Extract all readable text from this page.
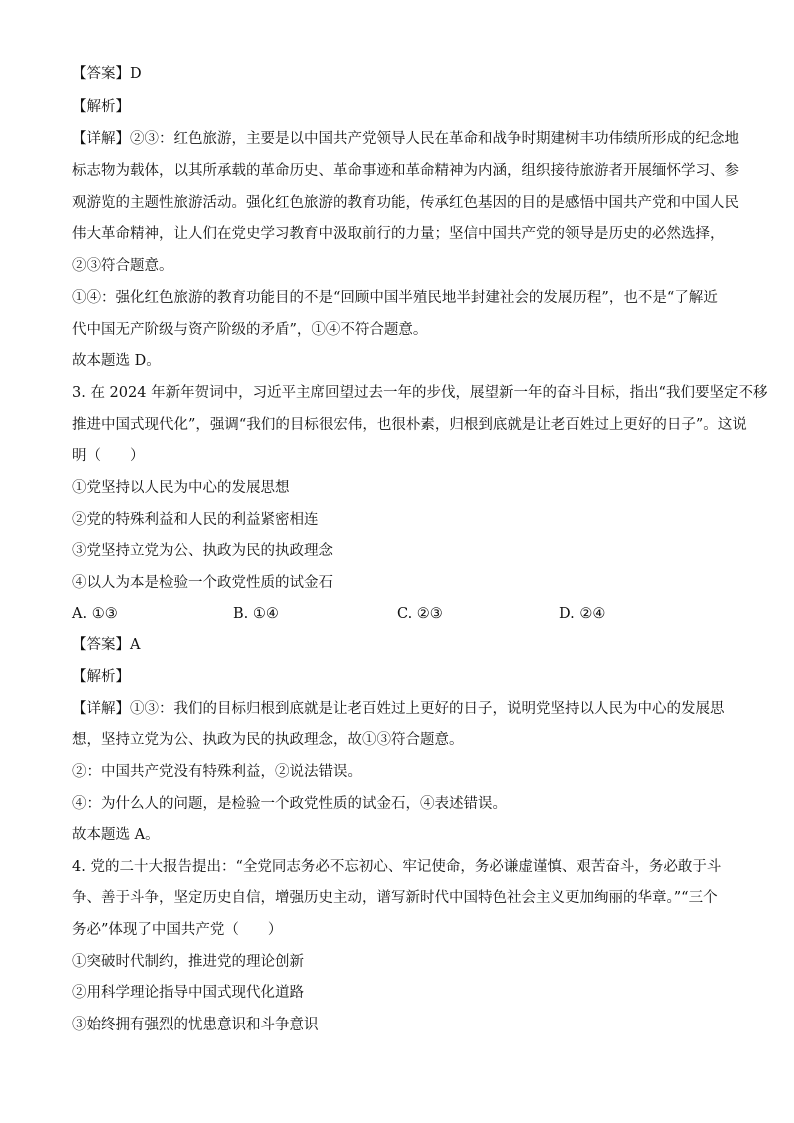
【答案】D
【解析】
【详解】②③：红色旅游，主要是以中国共产党领导人民在革命和战争时期建树丰功伟绩所形成的纪念地
标志物为载体，以其所承载的革命历史、革命事迹和革命精神为内涵，组织接待旅游者开展缅怀学习、参
观游览的主题性旅游活动。强化红色旅游的教育功能，传承红色基因的目的是感悟中国共产党和中国人民
伟大革命精神，让人们在党史学习教育中汲取前行的力量；坚信中国共产党的领导是历史的必然选择，
②③符合题意。
①④：强化红色旅游的教育功能目的不是“回顾中国半殖民地半封建社会的发展历程”，也不是“了解近
代中国无产阶级与资产阶级的矛盾”，①④不符合题意。
故本题选 D。
3. 在 2024 年新年贺词中，习近平主席回望过去一年的步伐，展望新一年的奋斗目标，指出“我们要坚定不移
推进中国式现代化”，强调“我们的目标很宏伟，也很朴素，归根到底就是让老百姓过上更好的日子”。这说
明（　　）
①党坚持以人民为中心的发展思想
②党的特殊利益和人民的利益紧密相连
③党坚持立党为公、执政为民的执政理念
④以人为本是检验一个政党性质的试金石
A. ①③	B. ①④	C. ②③	D. ②④
【答案】A
【解析】
【详解】①③：我们的目标归根到底就是让老百姓过上更好的日子，说明党坚持以人民为中心的发展思
想，坚持立党为公、执政为民的执政理念，故①③符合题意。
②：中国共产党没有特殊利益，②说法错误。
④：为什么人的问题，是检验一个政党性质的试金石，④表述错误。
故本题选 A。
4. 党的二十大报告提出：“全党同志务必不忘初心、牢记使命，务必谦虚谨慎、艰苦奋斗，务必敢于斗
争、善于斗争，坚定历史自信，增强历史主动，谱写新时代中国特色社会主义更加绚丽的华章。”“三个
务必”体现了中国共产党（　　）
①突破时代制约，推进党的理论创新
②用科学理论指导中国式现代化道路
③始终拥有强烈的忧患意识和斗争意识
